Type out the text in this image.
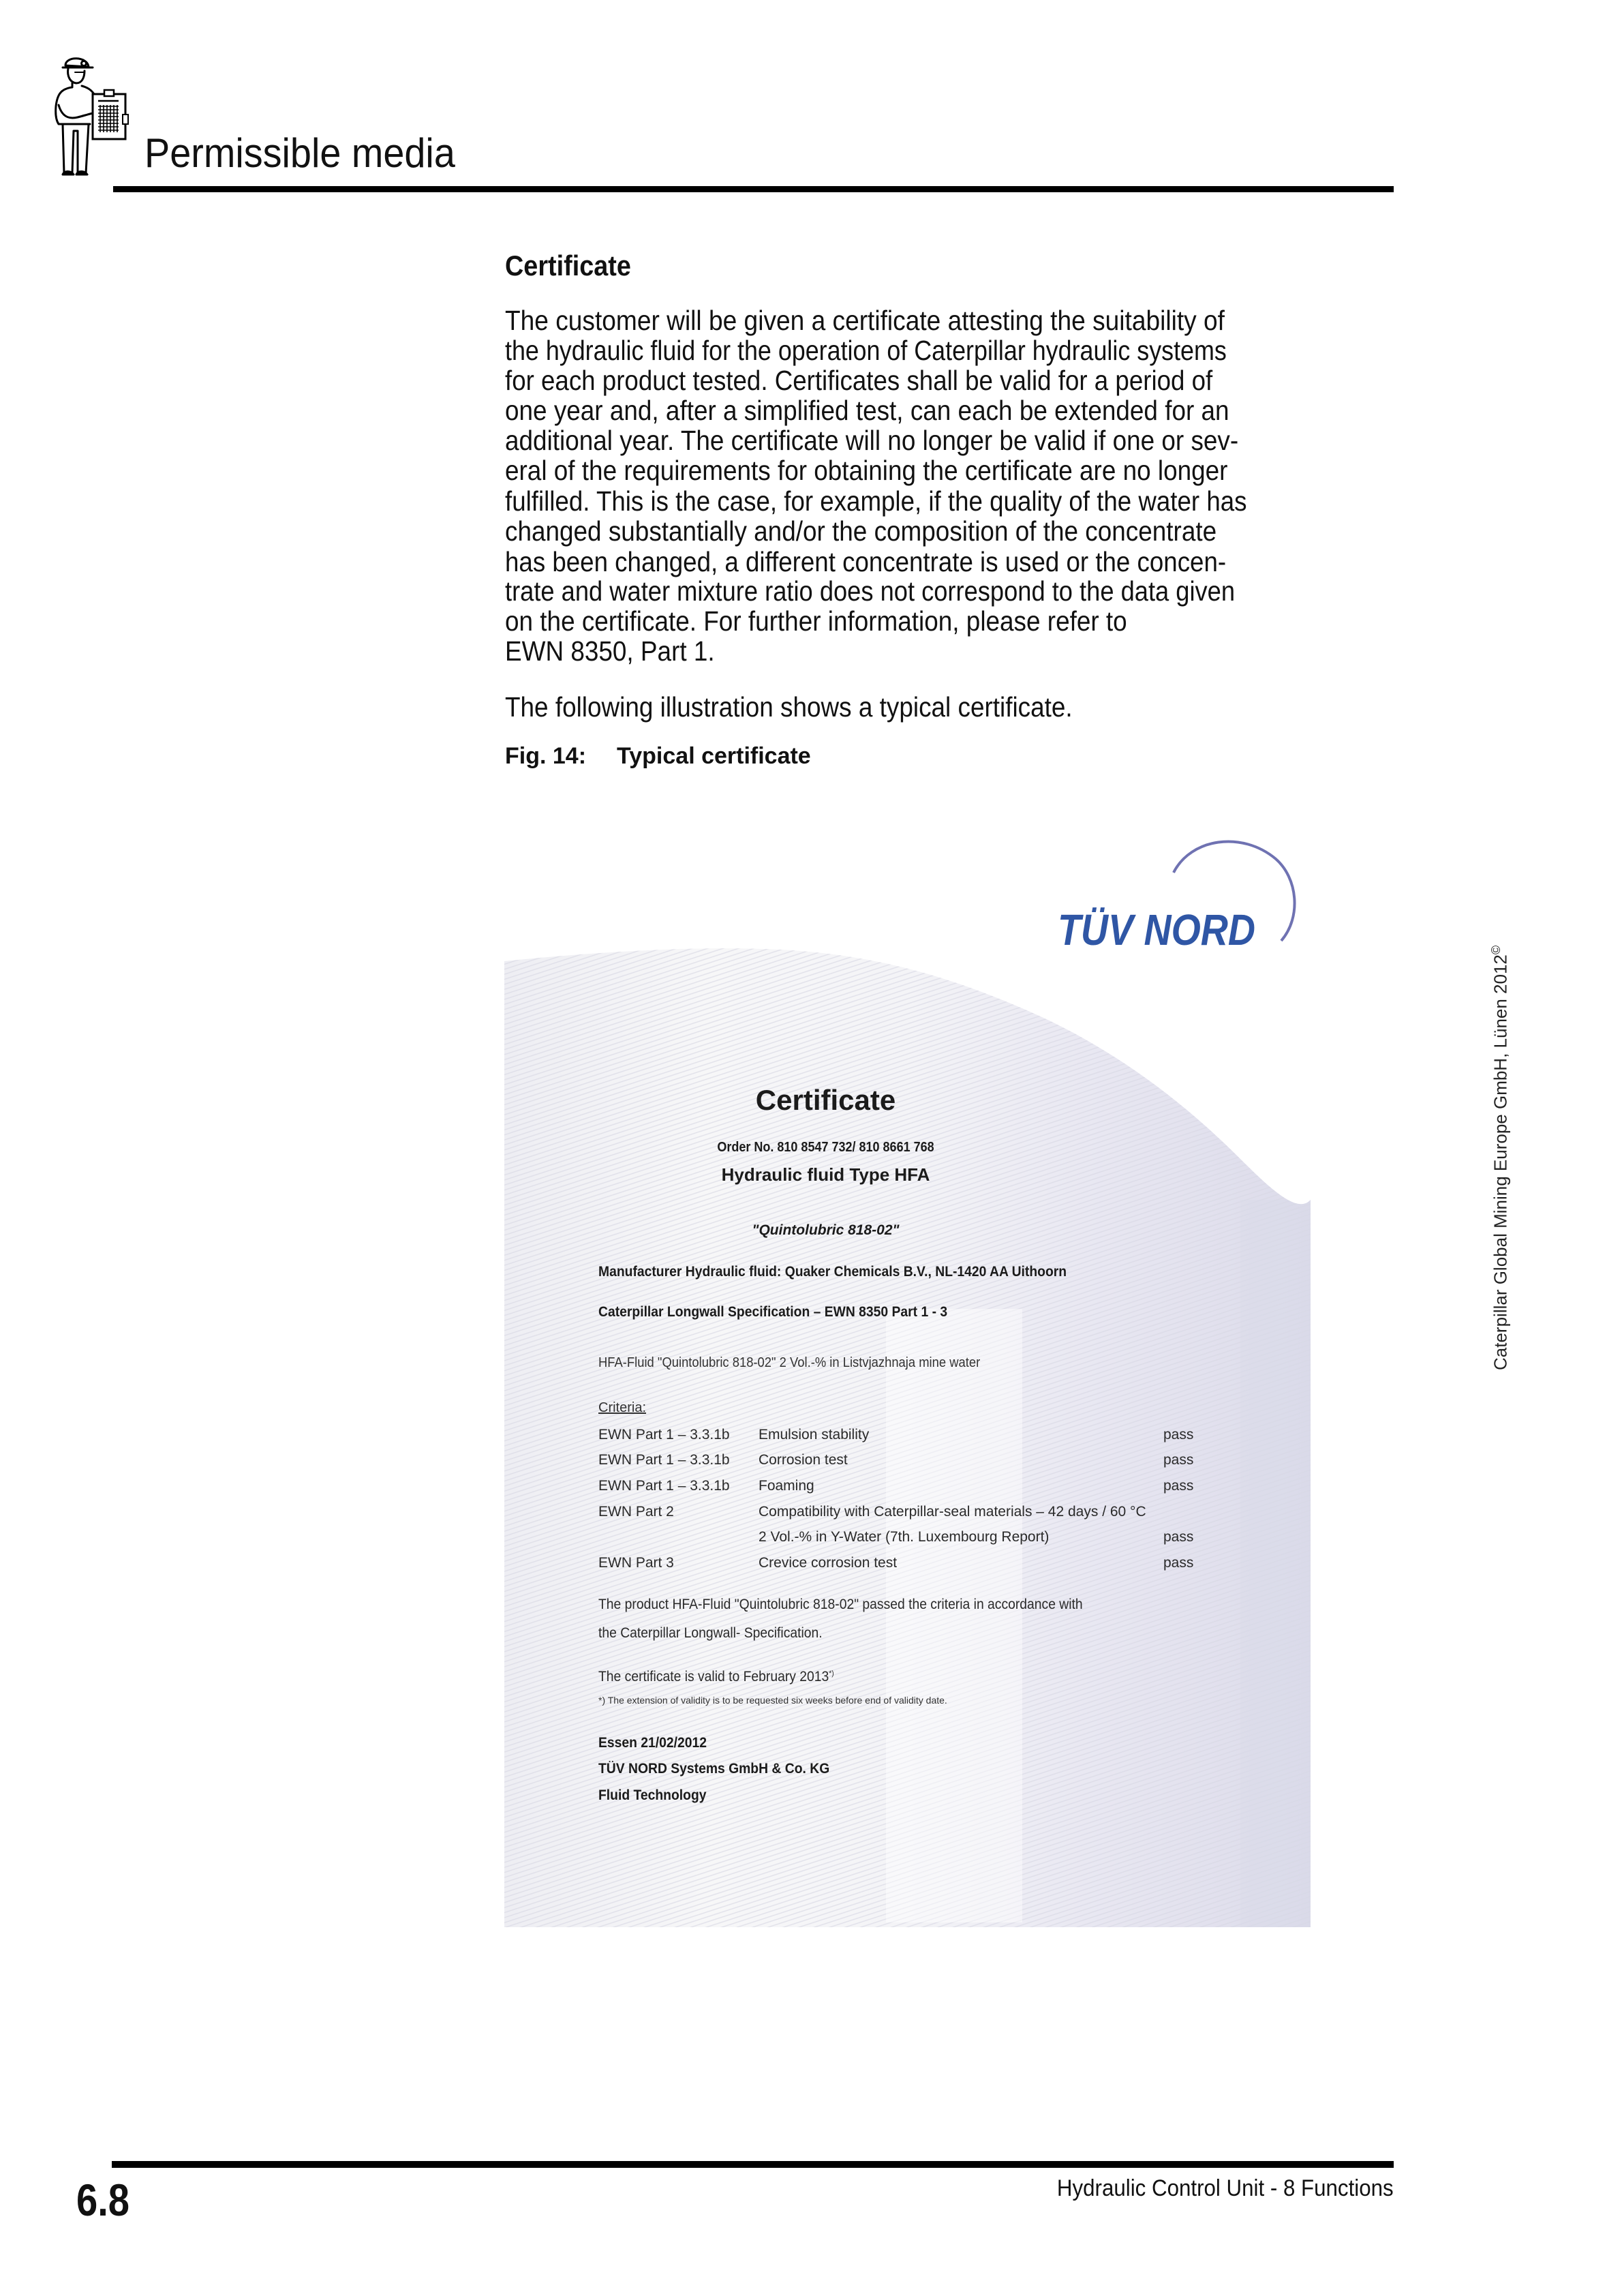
Permissible media
Certificate
The customer will be given a certificate attesting the suitability of
the hydraulic fluid for the operation of Caterpillar hydraulic systems
for each product tested. Certificates shall be valid for a period of
one year and, after a simplified test, can each be extended for an
additional year. The certificate will no longer be valid if one or sev-
eral of the requirements for obtaining the certificate are no longer
fulfilled. This is the case, for example, if the quality of the water has
changed substantially and/or the composition of the concentrate
has been changed, a different concentrate is used or the concen-
trate and water mixture ratio does not correspond to the data given
on the certificate. For further information, please refer to
EWN 8350, Part 1.
The following illustration shows a typical certificate.
Fig. 14: Typical certificate
TÜV NORD
Certificate
Order No. 810 8547 732/ 810 8661 768
Hydraulic fluid Type HFA
"Quintolubric 818-02"
Manufacturer Hydraulic fluid: Quaker Chemicals B.V., NL-1420 AA Uithoorn
Caterpillar Longwall Specification – EWN 8350 Part 1 - 3
HFA-Fluid "Quintolubric 818-02" 2 Vol.-% in Listvjazhnaja mine water
Criteria:
EWN Part 1 – 3.3.1b Emulsion stability	pass
EWN Part 1 – 3.3.1b Corrosion test	pass
EWN Part 1 – 3.3.1b Foaming	pass
EWN Part 2	Compatibility with Caterpillar-seal materials – 42 days / 60 °C
2 Vol.-% in Y-Water (7th. Luxembourg Report)	pass
EWN Part 3	Crevice corrosion test	pass
The product HFA-Fluid "Quintolubric 818-02" passed the criteria in accordance with
the Caterpillar Longwall- Specification.
The certificate is valid to February 2013*)
*) The extension of validity is to be requested six weeks before end of validity date.
Essen 21/02/2012
TÜV NORD Systems GmbH & Co. KG
Fluid Technology
Caterpillar Global Mining Europe GmbH, Lünen 2012©
6.8	Hydraulic Control Unit - 8 Functions
